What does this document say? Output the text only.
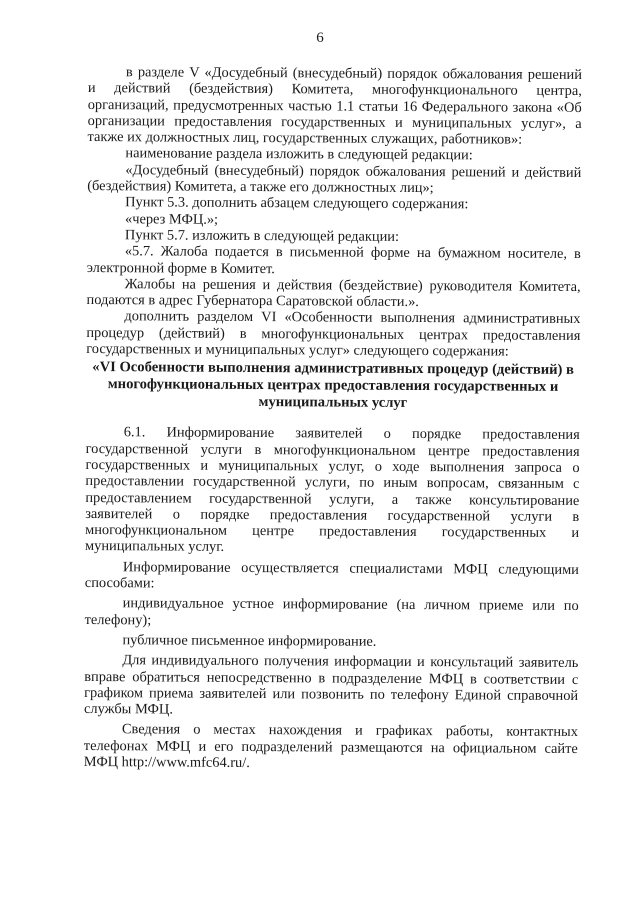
6

в разделе V «Досудебный (внесудебный) порядок обжалования решений и действий (бездействия) Комитета, многофункционального центра, организаций, предусмотренных частью 1.1 статьи 16 Федерального закона «Об организации предоставления государственных и муниципальных услуг», а также их должностных лиц, государственных служащих, работников»:

наименование раздела изложить в следующей редакции:

«Досудебный (внесудебный) порядок обжалования решений и действий (бездействия) Комитета, а также его должностных лиц»;

Пункт 5.3. дополнить абзацем следующего содержания:

«через МФЦ.»;

Пункт 5.7. изложить в следующей редакции:

«5.7. Жалоба подается в письменной форме на бумажном носителе, в электронной форме в Комитет.

Жалобы на решения и действия (бездействие) руководителя Комитета, подаются в адрес Губернатора Саратовской области.».

дополнить разделом VI «Особенности выполнения административных процедур (действий) в многофункциональных центрах предоставления государственных и муниципальных услуг» следующего содержания:

«VI Особенности выполнения административных процедур (действий) в многофункциональных центрах предоставления государственных и муниципальных услуг

6.1. Информирование заявителей о порядке предоставления государственной услуги в многофункциональном центре предоставления государственных и муниципальных услуг, о ходе выполнения запроса о предоставлении государственной услуги, по иным вопросам, связанным с предоставлением государственной услуги, а также консультирование заявителей о порядке предоставления государственной услуги в многофункциональном центре предоставления государственных и муниципальных услуг.

Информирование осуществляется специалистами МФЦ следующими способами:

индивидуальное устное информирование (на личном приеме или по телефону);

публичное письменное информирование.

Для индивидуального получения информации и консультаций заявитель вправе обратиться непосредственно в подразделение МФЦ в соответствии с графиком приема заявителей или позвонить по телефону Единой справочной службы МФЦ.

Сведения о местах нахождения и графиках работы, контактных телефонах МФЦ и его подразделений размещаются на официальном сайте МФЦ http://www.mfc64.ru/.
